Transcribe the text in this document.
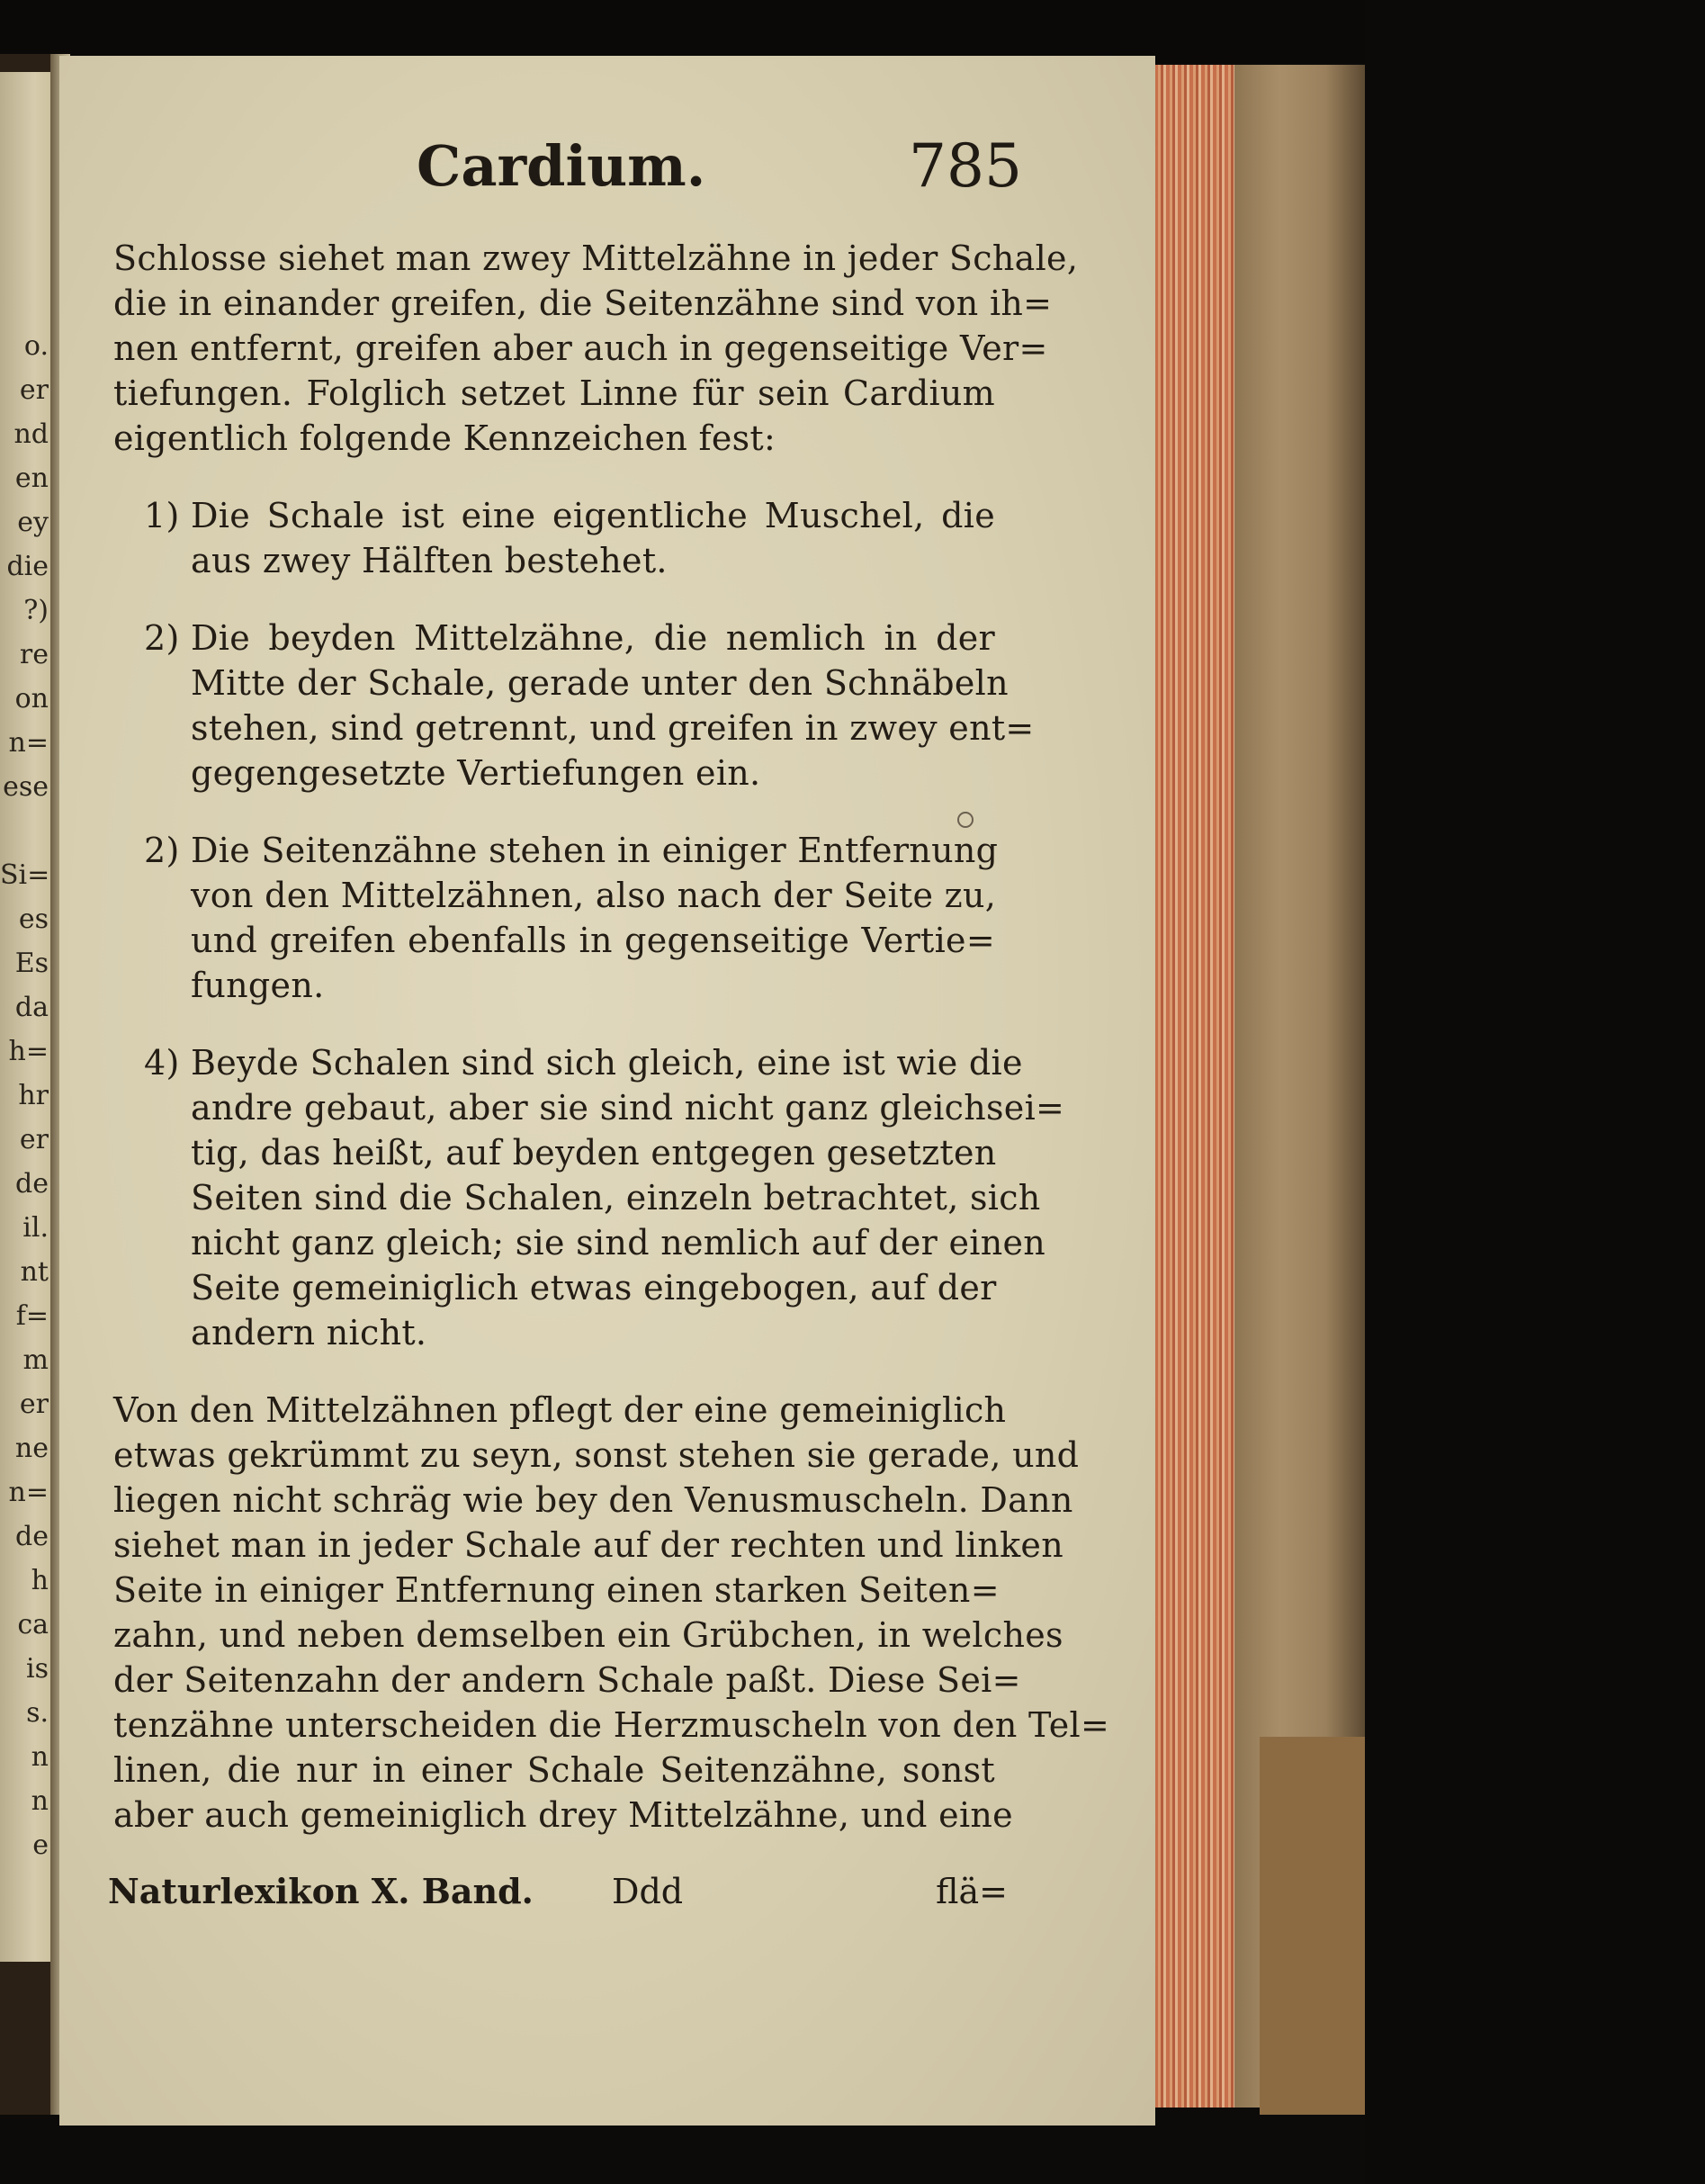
o.
er
nd
en
ey
die
?)
re
on
n=
ese
Si=
es
Es
da
h=
hr
er
de
il.
nt
f=
m
er
ne
n=
de
h
ca
is
s.
n
n
e
Cardium.	785
Schlosse siehet man zwey Mittelzähne in jeder Schale,
die in einander greifen, die Seitenzähne sind von ih=
nen entfernt, greifen aber auch in gegenseitige Ver=
tiefungen. Folglich setzet Linne für sein Cardium
eigentlich folgende Kennzeichen fest:
1) Die Schale ist eine eigentliche Muschel, die
aus zwey Hälften bestehet.
2) Die beyden Mittelzähne, die nemlich in der
Mitte der Schale, gerade unter den Schnäbeln
stehen, sind getrennt, und greifen in zwey ent=
gegengesetzte Vertiefungen ein.
2) Die Seitenzähne stehen in einiger Entfernung
von den Mittelzähnen, also nach der Seite zu,
und greifen ebenfalls in gegenseitige Vertie=
fungen.
4) Beyde Schalen sind sich gleich, eine ist wie die
andre gebaut, aber sie sind nicht ganz gleichsei=
tig, das heißt, auf beyden entgegen gesetzten
Seiten sind die Schalen, einzeln betrachtet, sich
nicht ganz gleich; sie sind nemlich auf der einen
Seite gemeiniglich etwas eingebogen, auf der
andern nicht.
Von den Mittelzähnen pflegt der eine gemeiniglich
etwas gekrümmt zu seyn, sonst stehen sie gerade, und
liegen nicht schräg wie bey den Venusmuscheln. Dann
siehet man in jeder Schale auf der rechten und linken
Seite in einiger Entfernung einen starken Seiten=
zahn, und neben demselben ein Grübchen, in welches
der Seitenzahn der andern Schale paßt. Diese Sei=
tenzähne unterscheiden die Herzmuscheln von den Tel=
linen, die nur in einer Schale Seitenzähne, sonst
aber auch gemeiniglich drey Mittelzähne, und eine
Naturlexikon X. Band. Ddd	flä=
